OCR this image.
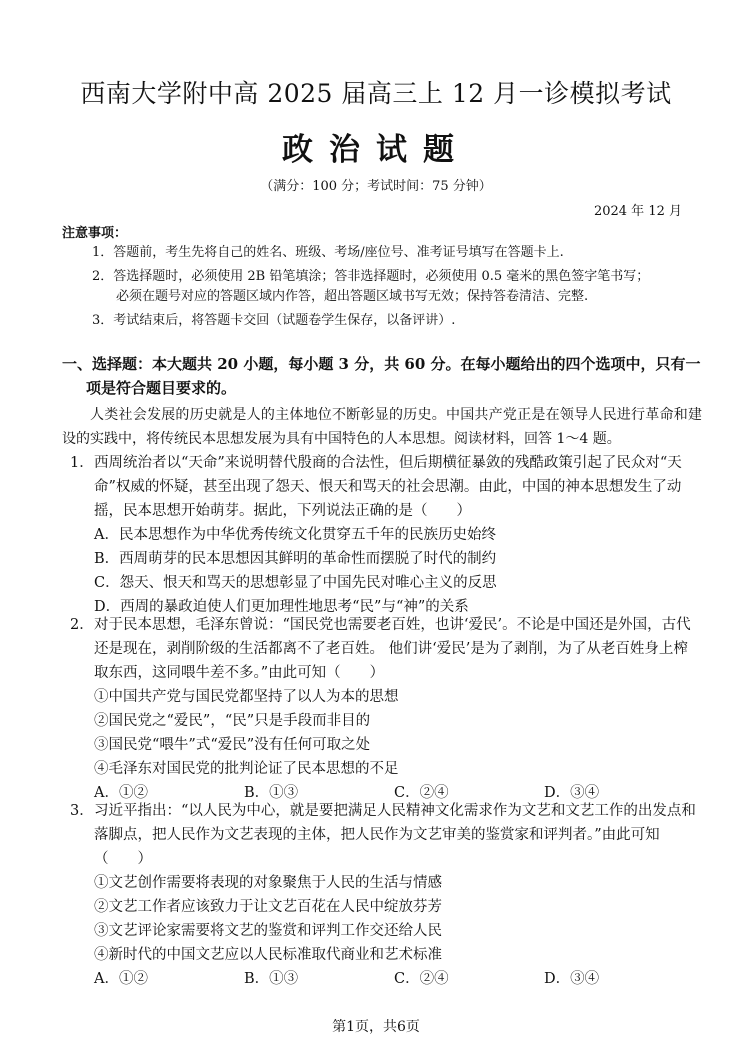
西南大学附中高 2025 届高三上 12 月一诊模拟考试
政治试题
（满分：100 分；考试时间：75 分钟）
2024 年 12 月
注意事项：
1．答题前，考生先将自己的姓名、班级、考场/座位号、准考证号填写在答题卡上.
2．答选择题时，必须使用 2B 铅笔填涂；答非选择题时，必须使用 0.5 毫米的黑色签字笔书写；
必须在题号对应的答题区域内作答，超出答题区域书写无效；保持答卷清洁、完整.
3．考试结束后，将答题卡交回（试题卷学生保存，以备评讲）.
一、选择题：本大题共 20 小题，每小题 3 分，共 60 分。在每小题给出的四个选项中，只有一
项是符合题目要求的。
人类社会发展的历史就是人的主体地位不断彰显的历史。中国共产党正是在领导人民进行革命和建设的实践中，将传统民本思想发展为具有中国特色的人本思想。阅读材料，回答 1～4 题。
1．西周统治者以“天命”来说明替代殷商的合法性，但后期横征暴敛的残酷政策引起了民众对“天命”权威的怀疑，甚至出现了怨天、恨天和骂天的社会思潮。由此，中国的神本思想发生了动摇，民本思想开始萌芽。据此，下列说法正确的是（　　）
A．民本思想作为中华优秀传统文化贯穿五千年的民族历史始终
B．西周萌芽的民本思想因其鲜明的革命性而摆脱了时代的制约
C．怨天、恨天和骂天的思想彰显了中国先民对唯心主义的反思
D．西周的暴政迫使人们更加理性地思考“民”与“神”的关系
2．对于民本思想，毛泽东曾说：“国民党也需要老百姓，也讲‘爱民’。不论是中国还是外国，古代还是现在，剥削阶级的生活都离不了老百姓。 他们讲‘爱民’是为了剥削，为了从老百姓身上榨取东西，这同喂牛差不多。”由此可知（　　）
①中国共产党与国民党都坚持了以人为本的思想
②国民党之“爱民”，“民”只是手段而非目的
③国民党“喂牛”式“爱民”没有任何可取之处
④毛泽东对国民党的批判论证了民本思想的不足
A．①②	B．①③	C．②④	D．③④
3．习近平指出：“以人民为中心，就是要把满足人民精神文化需求作为文艺和文艺工作的出发点和落脚点，把人民作为文艺表现的主体，把人民作为文艺审美的鉴赏家和评判者。”由此可知（　　）
①文艺创作需要将表现的对象聚焦于人民的生活与情感
②文艺工作者应该致力于让文艺百花在人民中绽放芬芳
③文艺评论家需要将文艺的鉴赏和评判工作交还给人民
④新时代的中国文艺应以人民标准取代商业和艺术标准
A．①②	B．①③	C．②④	D．③④
第1页，共6页
